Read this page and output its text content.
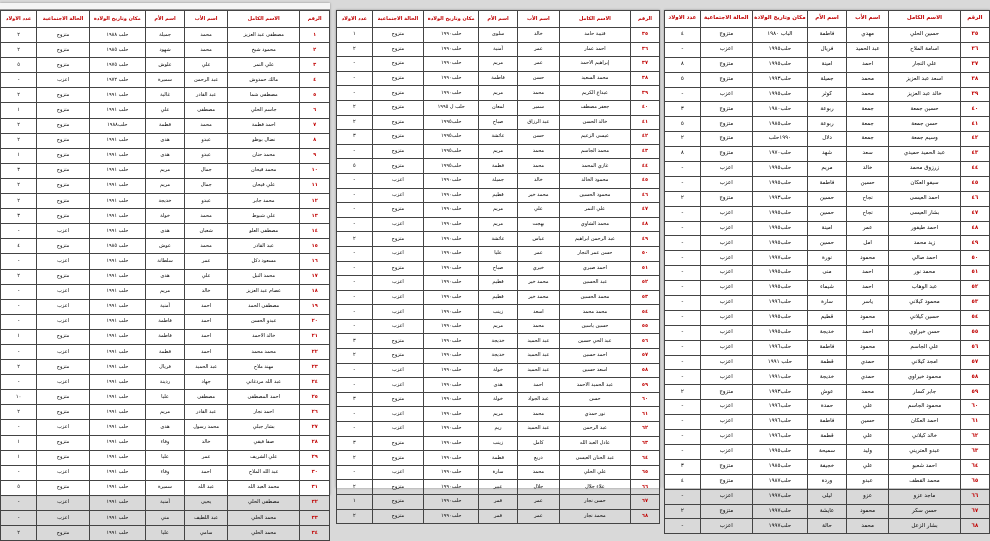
الرقم	الاسم الكامل	اسم الأب	اسم الأم	مكان وتاريخ الولادة	الحالة الاجتماعية	عدد الاولاد
١	مصطفى عبد العزيز	محمد	جميلة	حلب ١٩٨٨	متزوج	٢
٢	محمود شيخ	محمد	شهود	حلب ١٩٨٥	متزوج	٢
٣	علي النمر	علي	علوش	حلب ١٩٧٥	متزوج	٥
٤	مالك حمدوش	عبد الرحمن	سميرة	حلب ١٩٧٢	اعزب	-
٥	مصطفى شما	عبد القادر	غالية	حلب ١٩٩١	متزوج	٢
٦	جاسم الحلي	مصطفى	علي	حلب ١٩٩١	متزوج	١
٧	احمد قطمة	محمد	قطمة	حلب١٩٨٨	متزوج	٢
٨	نضال بوظو	عبدو	هدى	حلب ١٩٩١	متزوج	٢
٩	محمد حنان	عبدو	هدى	حلب ١٩٩١	متزوج	١
١٠	محمد قيحان	جمال	مريم	حلب ١٩٩١	متزوج	٣
١١	علي قيحان	جمال	مريم	حلب ١٩٩١	متزوج	٢
١٢	محمد جابر	عبدو	خديجة	حلب ١٩٩١	متزوج	٢
١٣	علي شبوط	محمد	خولة	حلب ١٩٩١	متزوج	٣
١٤	مصطفى العلو	شعبان	هدى	حلب ١٩٩١	اعزب	-
١٥	عبد القادر	محمد	عوش	حلب ١٩٨٥	متزوج	٤
١٦	مسعود دكل	عمر	سلطانة	حلب ١٩٩١	اعزب	-
١٧	محمد النبل	علي	هدى	حلب ١٩٩١	متزوج	٢
١٨	عصام عبد العزيز	خالد	مريم	حلب ١٩٩١	اعزب	-
١٩	مصطفى الحمد	احمد	أمنية	حلب ١٩٩١	اعزب	-
٢٠	عبدو الحسن	احمد	فاطمة	حلب ١٩٩١	اعزب	-
٢١	خالد الاحمد	احمد	فاطمة	حلب ١٩٩١	متزوج	١
٢٢	محمد محمد	احمد	قطمة	حلب ١٩٩١	اعزب	-
٢٣	مهند ملاح	عبد الحميد	فريال	حلب ١٩٩١	متزوج	٢
٢٤	عبد الله مردغاني	جهاد	ردينة	حلب ١٩٩١	اعزب	-
٢٥	احمد المصطفى	مصطفى	عليا	حلب ١٩٩١	متزوج	١٠
٢٦	احمد نجار	عبد القادر	مريم	حلب ١٩٩١	متزوج	٢
٢٧	بشار جبلي	محمد رسول	هدى	حلب ١٩٩١	اعزب	-
٢٨	صفا فيقي	خالد	وفاء	حلب ١٩٩١	متزوج	١
٢٩	علي الشريف	عمر	عليا	حلب ١٩٩١	متزوج	١
٣٠	عبد الله الملاح	احمد	وفاء	حلب ١٩٩١	اعزب	-
٣١	محمد العبد الله	عبد الله	سميرة	حلب ١٩٩١	متزوج	٥
٣٢	مصطفى الحلي	يحيى	أمنية	حلب ١٩٩١	اعزب	-
٣٣	محمد الحلي	عبد اللطيف	مني	حلب ١٩٩١	اعزب	-
٣٤	محمد الحلي	سامي	عليا	حلب ١٩٩١	متزوج	٢
الرقم	الاسم الكامل	اسم الأب	اسم الأم	مكان وتاريخ الولادة	الحالة الاجتماعية	عدد الاولاد
٣٥	قتيبة حامد	خالد	سلوى	حلب١٩٩٠	متزوج	١
٣٦	احمد عمار	عمر	أمنية	حلب١٩٩٠	متزوج	٢
٣٧	إبراهيم الاحمد	عمر	مريم	حلب١٩٩٠	متزوج	-
٣٨	محمد السعيد	حسن	فاطمة	حلب١٩٩٠	متزوج	-
٣٩	عبداع الكريم	محمد	مريم	حلب١٩٩٠	متزوج	-
٤٠	جعفر مصطف	سمير	لمعان	حلب ل ١٩٩٥	متزوج	٢
٤١	خالد الحسن	عبد الرزاق	صباح	حلب١٩٩٥	متزوج	٢
٤٢	عيسى الزعيم	حسن	عائشة	حلب١٩٩٥	متزوج	٣
٤٣	محمد الجاسم	محمد	مريم	حلب١٩٩٥	متزوج	-
٤٤	غازي المحمد	محمد	قطمة	حلب١٩٩٥	متزوج	٥
٤٥	محمود الخالد	خالد	جميلة	حلب١٩٩٠	اعزب	-
٤٦	محمود الحسين	محمد خير	قطيم	حلب١٩٩٠	اعزب	-
٤٧	علي النمر	علي	مريم	حلب١٩٩٠	متزوج	-
٤٨	محمد الشاوي	بهجت	مريم	حلب١٩٩٠	اعزب	-
٤٩	عبد الرحمن ابراهيم	عباس	عائشة	حلب١٩٩٠	متزوج	٢
٥٠	حسن عمر النجار	عمر	عليا	حلب١٩٩٠	اعزب	-
٥١	احمد صبري	خيري	صباح	حلب١٩٩٠	متزوج	-
٥٢	عبد الحسين	محمد خير	قطيم	حلب١٩٩٠	اعزب	-
٥٣	محمد الحسين	محمد خير	قطيم	حلب١٩٩٠	اعزب	-
٥٤	محمد محمد	اسعد	زينب	حلب١٩٩٠	اعزب	-
٥٥	حسين ياسين	محمد	مريم	حلب١٩٩٠	اعزب	-
٥٦	عبد الحي حسين	عبد الحميد	خديجة	حلب١٩٩٠	متزوج	٣
٥٧	احمد حسين	عبد الحميد	خديجة	حلب١٩٩٠	متزوج	٢
٥٨	اسعد حسين	عبد الحميد	خولة	حلب١٩٩٠	اعزب	-
٥٩	عبد الحميد الاحمد	احمد	هدى	حلب١٩٩٠	اعزب	-
٦٠	حسن	عبد الجواد	خولة	حلب١٩٩٠	متزوج	٣
٦١	نور حمدي	محمد	مريم	حلب١٩٩٠	اعزب	-
٦٢	عبد الرحمن	عبد الحميد	ريم	حلب١٩٩٠	اعزب	-
٦٣	عادل العبد الله	كامل	زينب	حلب١٩٩٠	متزوج	٣
٦٤	عبد الحنان العيسى	دريع	قطمة	حلب١٩٩٠	متزوج	٢
٦٥	علي الحلي	محمد	سارة	حلب١٩٩٠	اعزب	-
٦٦	علاء جلال	جلال	عبير	حلب١٩٩٠	متزوج	٢
٦٧	حسن نجار	عمر	قمر	حلب١٩٩٠	متزوج	١
٦٨	محمد نجار	عمر	قمر	حلب١٩٩٠	متزوج	٢
الرقم	الاسم الكامل	اسم الأب	اسم الأم	مكان وتاريخ الولادة	الحالة الاجتماعية	عدد الاولاد
٣٥	حسين الحلي	مهدي	فاطمة	الباب ١٩٨٠	متزوج	٤
٣٦	اسامة الملاح	عبد الحميد	فريال	حلب١٩٩٥	اعزب	-
٣٧	علي النجار	احمد	امينة	حلب١٩٩٥	متزوج	٨
٣٨	اسعد عبد العزيز	محمد	جميلة	حلب١٩٩٣	متزوج	٥
٣٩	خالد عبد العزيز	محمد	كوثر	حلب١٩٩٥	اعزب	-
٤٠	حسين جمعة	جمعة	ربوعة	حلب١٩٨٠	متزوج	٣
٤١	حسن جمعة	جمعة	ربوعة	حلب١٩٨٥	متزوج	٥
٤٢	وسيم جمعة	جمعة	دلال	١٩٩٠حلب	متزوج	٢
٤٣	عبد الحميد حميدي	سعد	شهد	حلب١٩٧٠	متزوج	٨
٤٤	زرزوق محمد	خالد	مريم	حلب١٩٩٥	اعزب	-
٤٥	سيفو العكان	حسين	فاطمة	حلب١٩٩٥	اعزب	-
٤٦	احمد العيسى	نجاح	حسين	حلب١٩٩٣	متزوج	٢
٤٧	بشار العيسى	نجاح	حسين	حلب١٩٩٥	اعزب	-
٤٨	احمد طيفور	عمر	امينة	حلب١٩٩٥	اعزب	-
٤٩	زيد محمد	امل	حسين	حلب١٩٩٥	اعزب	-
٥٠	احمد صالي	محمود	نورة	حلب١٩٩٧	اعزب	-
٥١	محمد نور	احمد	منى	حلب١٩٩٥	اعزب	-
٥٢	عبد الوهاب	احمد	شيماء	حلب١٩٩٥	اعزب	-
٥٣	محمود كيلاني	ياسر	سارة	حلب١٩٩٦	اعزب	-
٥٤	حسين كيلاني	محمود	قطيم	حلب١٩٩٥	اعزب	-
٥٥	حسن خيراوي	احمد	خديجة	حلب١٩٩٥	اعزب	-
٥٦	علي الجاسم	محمود	فاطمة	حلب١٩٩٦	اعزب	-
٥٧	امجد كيلاني	حمدي	قطمة	حلب ١٩٩١	اعزب	-
٥٨	محمود خيراوي	حمدي	خديجة	حلب١٩٩١	اعزب	-
٥٩	جابر كسار	محمد	عوش	حلب١٩٩٣	متزوج	٢
٦٠	محمود الجاسم	علي	حمدة	حلب١٩٩٦	اعزب	-
٦١	احمد العكان	حسين	فاطمة	حلب١٩٩٦	اعزب	-
٦٢	خالد كيلاني	علي	قطمة	حلب١٩٩٦	اعزب	-
٦٣	عبدو العتريني	وليد	سميحة	حلب١٩٩٥	اعزب	-
٦٤	احمد شعبو	علي	خجيفة	حلب١٩٨٥	متزوج	٣
٦٥	محمد القطف	عبدو	وردة	حلب١٩٨٧	متزوج	٤
٦٦	ماجد عزو	عزو	ليلى	حلب١٩٩٧	اعزب	-
٦٧	حسن سكر	محمود	عايشة	حلب١٩٩٧	متزوج	٢
٦٨	بشار الزعل	محمد	حالة	حلب١٩٩٧	اعزب	-
